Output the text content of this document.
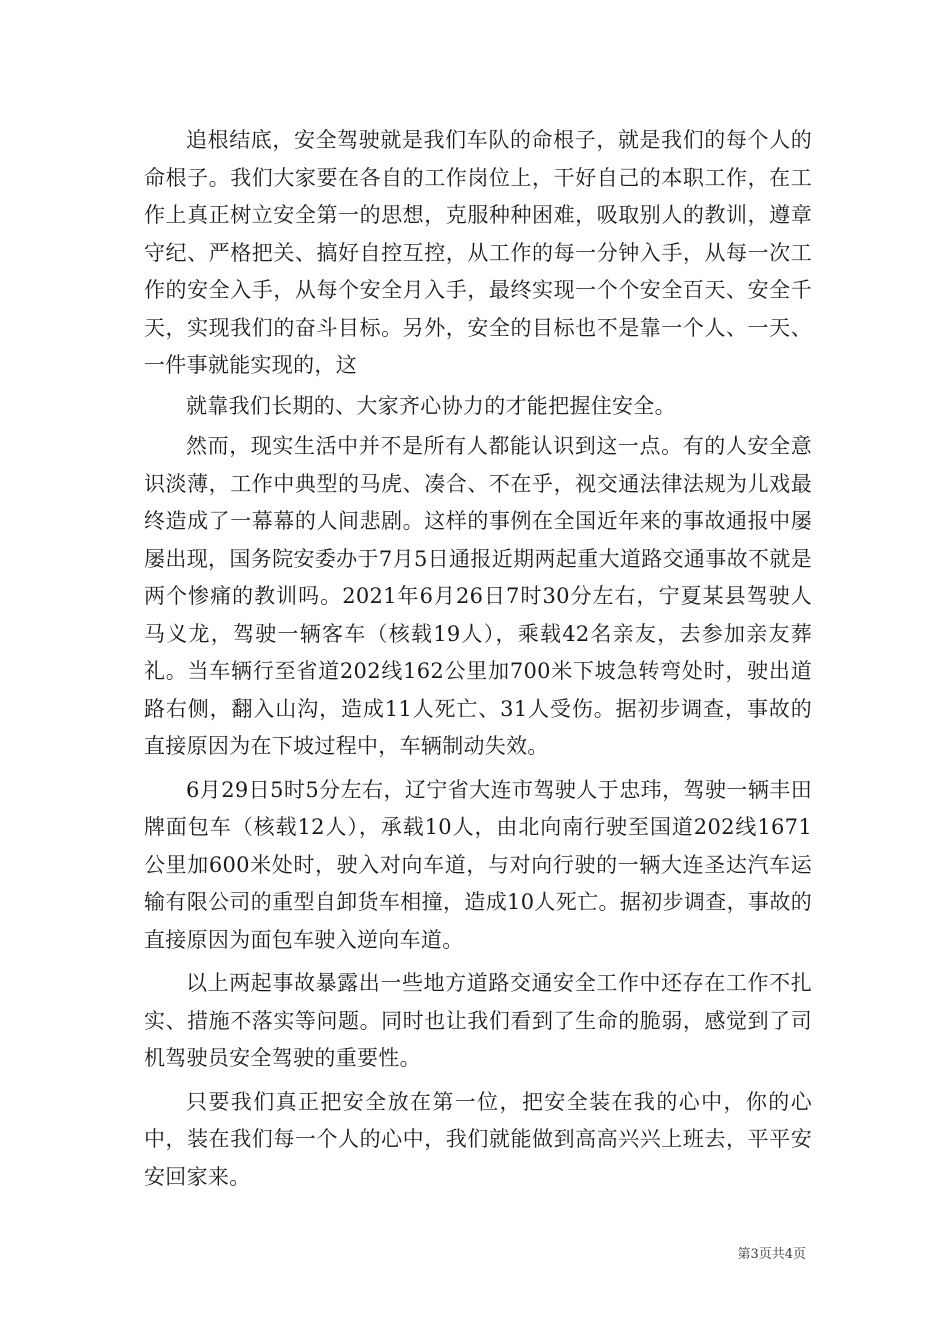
追根结底，安全驾驶就是我们车队的命根子，就是我们的每个人的命根子。我们大家要在各自的工作岗位上，干好自己的本职工作，在工作上真正树立安全第一的思想，克服种种困难，吸取别人的教训，遵章守纪、严格把关、搞好自控互控，从工作的每一分钟入手，从每一次工作的安全入手，从每个安全月入手，最终实现一个个安全百天、安全千天，实现我们的奋斗目标。另外，安全的目标也不是靠一个人、一天、一件事就能实现的，这

就靠我们长期的、大家齐心协力的才能把握住安全。

然而，现实生活中并不是所有人都能认识到这一点。有的人安全意识淡薄，工作中典型的马虎、凑合、不在乎，视交通法律法规为儿戏最终造成了一幕幕的人间悲剧。这样的事例在全国近年来的事故通报中屡屡出现，国务院安委办于7月5日通报近期两起重大道路交通事故不就是两个惨痛的教训吗。2021年6月26日7时30分左右，宁夏某县驾驶人马义龙，驾驶一辆客车（核载19人），乘载42名亲友，去参加亲友葬礼。当车辆行至省道202线162公里加700米下坡急转弯处时，驶出道路右侧，翻入山沟，造成11人死亡、31人受伤。据初步调查，事故的直接原因为在下坡过程中，车辆制动失效。

6月29日5时5分左右，辽宁省大连市驾驶人于忠玮，驾驶一辆丰田牌面包车（核载12人），承载10人，由北向南行驶至国道202线1671公里加600米处时，驶入对向车道，与对向行驶的一辆大连圣达汽车运输有限公司的重型自卸货车相撞，造成10人死亡。据初步调查，事故的直接原因为面包车驶入逆向车道。

以上两起事故暴露出一些地方道路交通安全工作中还存在工作不扎实、措施不落实等问题。同时也让我们看到了生命的脆弱，感觉到了司机驾驶员安全驾驶的重要性。

只要我们真正把安全放在第一位，把安全装在我的心中，你的心中，装在我们每一个人的心中，我们就能做到高高兴兴上班去，平平安安回家来。

第3页共4页
